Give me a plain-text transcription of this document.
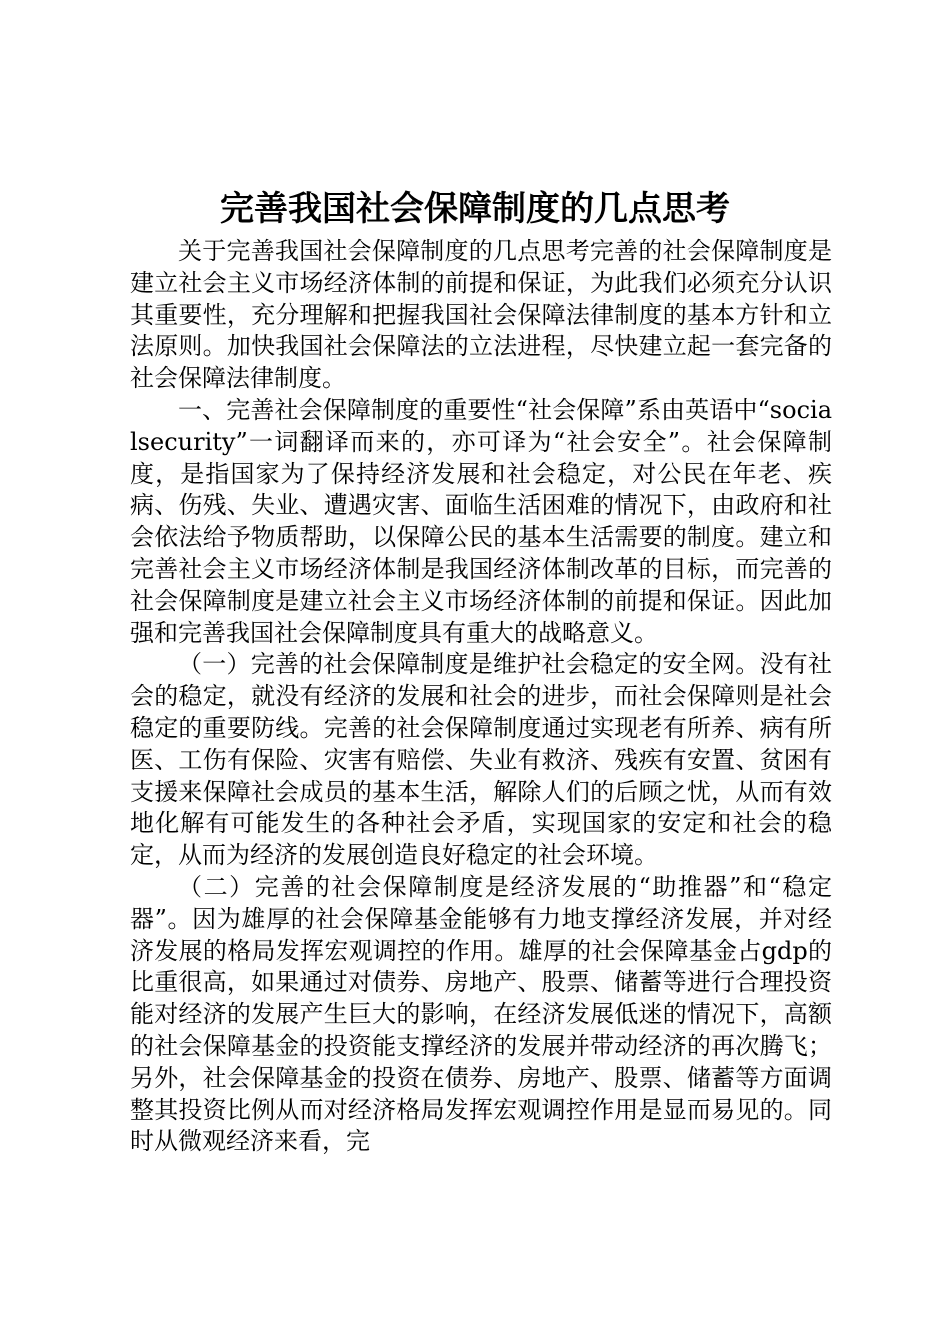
完善我国社会保障制度的几点思考

关于完善我国社会保障制度的几点思考完善的社会保障制度是建立社会主义市场经济体制的前提和保证，为此我们必须充分认识其重要性，充分理解和把握我国社会保障法律制度的基本方针和立法原则。加快我国社会保障法的立法进程，尽快建立起一套完备的社会保障法律制度。

一、完善社会保障制度的重要性“社会保障”系由英语中“socialsecurity”一词翻译而来的，亦可译为“社会安全”。社会保障制度，是指国家为了保持经济发展和社会稳定，对公民在年老、疾病、伤残、失业、遭遇灾害、面临生活困难的情况下，由政府和社会依法给予物质帮助，以保障公民的基本生活需要的制度。建立和完善社会主义市场经济体制是我国经济体制改革的目标，而完善的社会保障制度是建立社会主义市场经济体制的前提和保证。因此加强和完善我国社会保障制度具有重大的战略意义。

（一）完善的社会保障制度是维护社会稳定的安全网。没有社会的稳定，就没有经济的发展和社会的进步，而社会保障则是社会稳定的重要防线。完善的社会保障制度通过实现老有所养、病有所医、工伤有保险、灾害有赔偿、失业有救济、残疾有安置、贫困有支援来保障社会成员的基本生活，解除人们的后顾之忧，从而有效地化解有可能发生的各种社会矛盾，实现国家的安定和社会的稳定，从而为经济的发展创造良好稳定的社会环境。

（二）完善的社会保障制度是经济发展的“助推器”和“稳定器”。因为雄厚的社会保障基金能够有力地支撑经济发展，并对经济发展的格局发挥宏观调控的作用。雄厚的社会保障基金占gdp的比重很高，如果通过对债券、房地产、股票、储蓄等进行合理投资能对经济的发展产生巨大的影响，在经济发展低迷的情况下，高额的社会保障基金的投资能支撑经济的发展并带动经济的再次腾飞；另外，社会保障基金的投资在债券、房地产、股票、储蓄等方面调整其投资比例从而对经济格局发挥宏观调控作用是显而易见的。同时从微观经济来看，完
